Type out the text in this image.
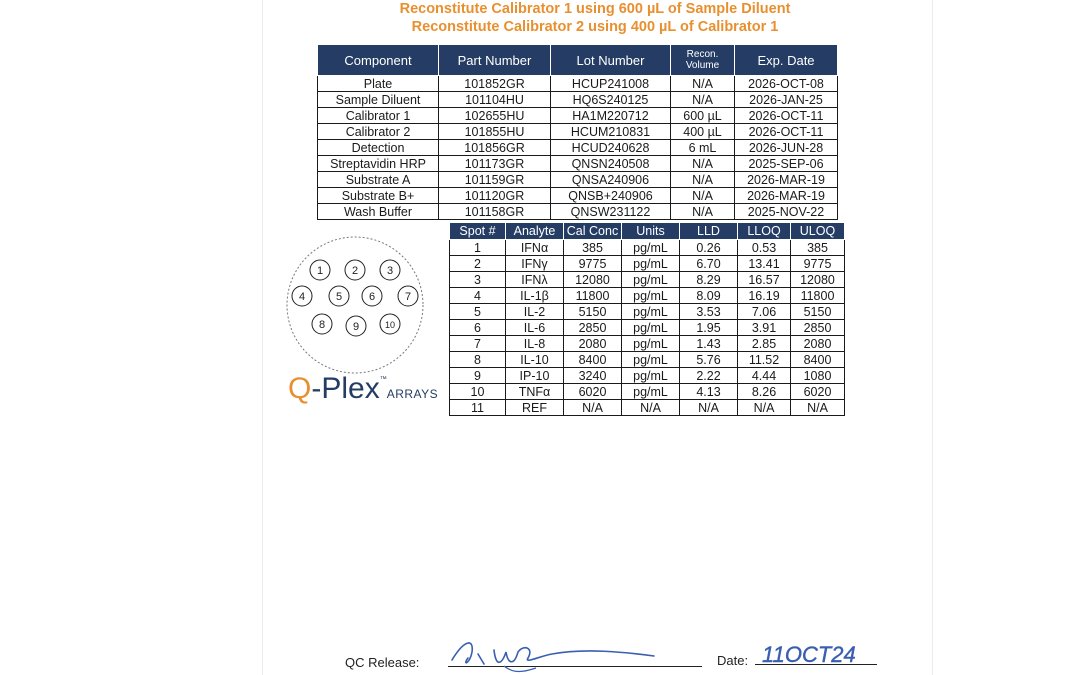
Reconstitute Calibrator 1 using 600 µL of Sample Diluent
Reconstitute Calibrator 2 using 400 µL of Calibrator 1
Component	Part Number	Lot Number	Recon. Volume	Exp. Date
Plate	101852GR	HCUP241008	N/A	2026-OCT-08
Sample Diluent	101104HU	HQ6S240125	N/A	2026-JAN-25
Calibrator 1	102655HU	HA1M220712	600 µL	2026-OCT-11
Calibrator 2	101855HU	HCUM210831	400 µL	2026-OCT-11
Detection	101856GR	HCUD240628	6 mL	2026-JUN-28
Streptavidin HRP	101173GR	QNSN240508	N/A	2025-SEP-06
Substrate A	101159GR	QNSA240906	N/A	2026-MAR-19
Substrate B+	101120GR	QNSB+240906	N/A	2026-MAR-19
Wash Buffer	101158GR	QNSW231122	N/A	2025-NOV-22
Spot #	Analyte	Cal Conc	Units	LLD	LLOQ	ULOQ
1	IFNα	385	pg/mL	0.26	0.53	385
2	IFNγ	9775	pg/mL	6.70	13.41	9775
3	IFNλ	12080	pg/mL	8.29	16.57	12080
4	IL-1β	11800	pg/mL	8.09	16.19	11800
5	IL-2	5150	pg/mL	3.53	7.06	5150
6	IL-6	2850	pg/mL	1.95	3.91	2850
7	IL-8	2080	pg/mL	1.43	2.85	2080
8	IL-10	8400	pg/mL	5.76	11.52	8400
9	IP-10	3240	pg/mL	2.22	4.44	1080
10	TNFα	6020	pg/mL	4.13	8.26	6020
11	REF	N/A	N/A	N/A	N/A	N/A
1	2	3
4	5 6	7
8	9	10
Q-Plex™ARRAYS
QC Release:	Date: 11OCT24
